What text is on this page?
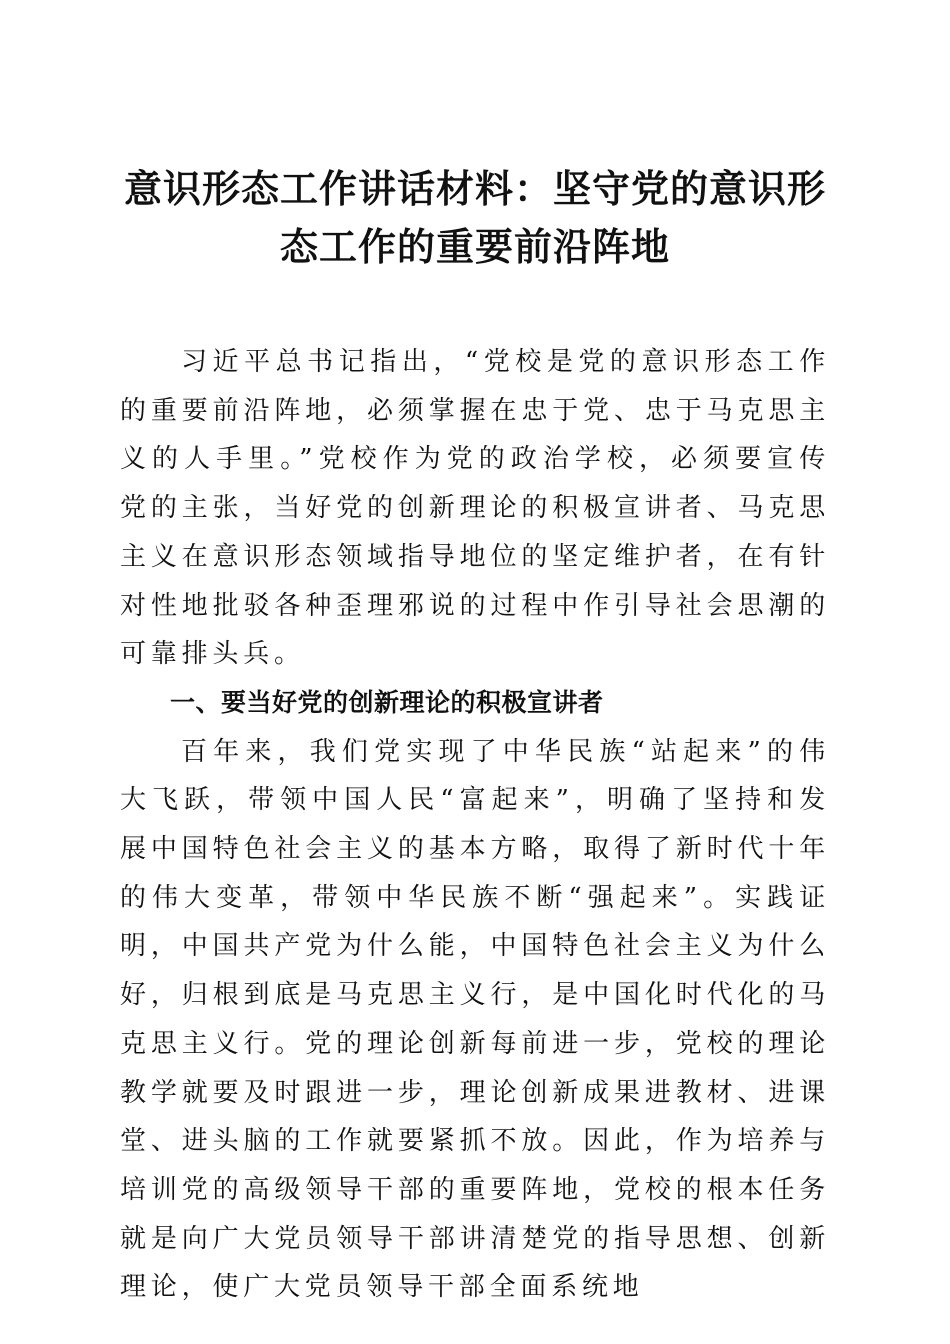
意识形态工作讲话材料：坚守党的意识形态工作的重要前沿阵地

习近平总书记指出，“党校是党的意识形态工作的重要前沿阵地，必须掌握在忠于党、忠于马克思主义的人手里。”党校作为党的政治学校，必须要宣传党的主张，当好党的创新理论的积极宣讲者、马克思主义在意识形态领域指导地位的坚定维护者，在有针对性地批驳各种歪理邪说的过程中作引导社会思潮的可靠排头兵。

一、要当好党的创新理论的积极宣讲者

百年来，我们党实现了中华民族“站起来”的伟大飞跃，带领中国人民“富起来”，明确了坚持和发展中国特色社会主义的基本方略，取得了新时代十年的伟大变革，带领中华民族不断“强起来”。实践证明，中国共产党为什么能，中国特色社会主义为什么好，归根到底是马克思主义行，是中国化时代化的马克思主义行。党的理论创新每前进一步，党校的理论教学就要及时跟进一步，理论创新成果进教材、进课堂、进头脑的工作就要紧抓不放。因此，作为培养与培训党的高级领导干部的重要阵地，党校的根本任务就是向广大党员领导干部讲清楚党的指导思想、创新理论，使广大党员领导干部全面系统地
